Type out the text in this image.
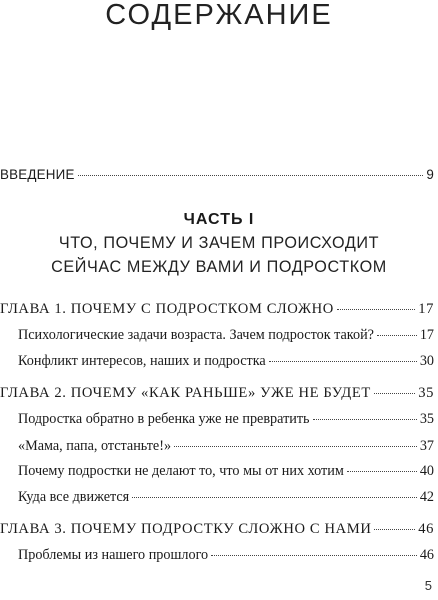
СОДЕРЖАНИЕ
ВВЕДЕНИЕ	9
ЧАСТЬ I
ЧТО, ПОЧЕМУ И ЗАЧЕМ ПРОИСХОДИТ
СЕЙЧАС МЕЖДУ ВАМИ И ПОДРОСТКОМ
ГЛАВА 1. ПОЧЕМУ С ПОДРОСТКОМ СЛОЖНО	17
Психологические задачи возраста. Зачем подросток такой?	17
Конфликт интересов, наших и подростка	30
ГЛАВА 2. ПОЧЕМУ «КАК РАНЬШЕ» УЖЕ НЕ БУДЕТ	35
Подростка обратно в ребенка уже не превратить	35
«Мама, папа, отстаньте!»	37
Почему подростки не делают то, что мы от них хотим	40
Куда все движется	42
ГЛАВА 3. ПОЧЕМУ ПОДРОСТКУ СЛОЖНО С НАМИ	46
Проблемы из нашего прошлого	46
5
